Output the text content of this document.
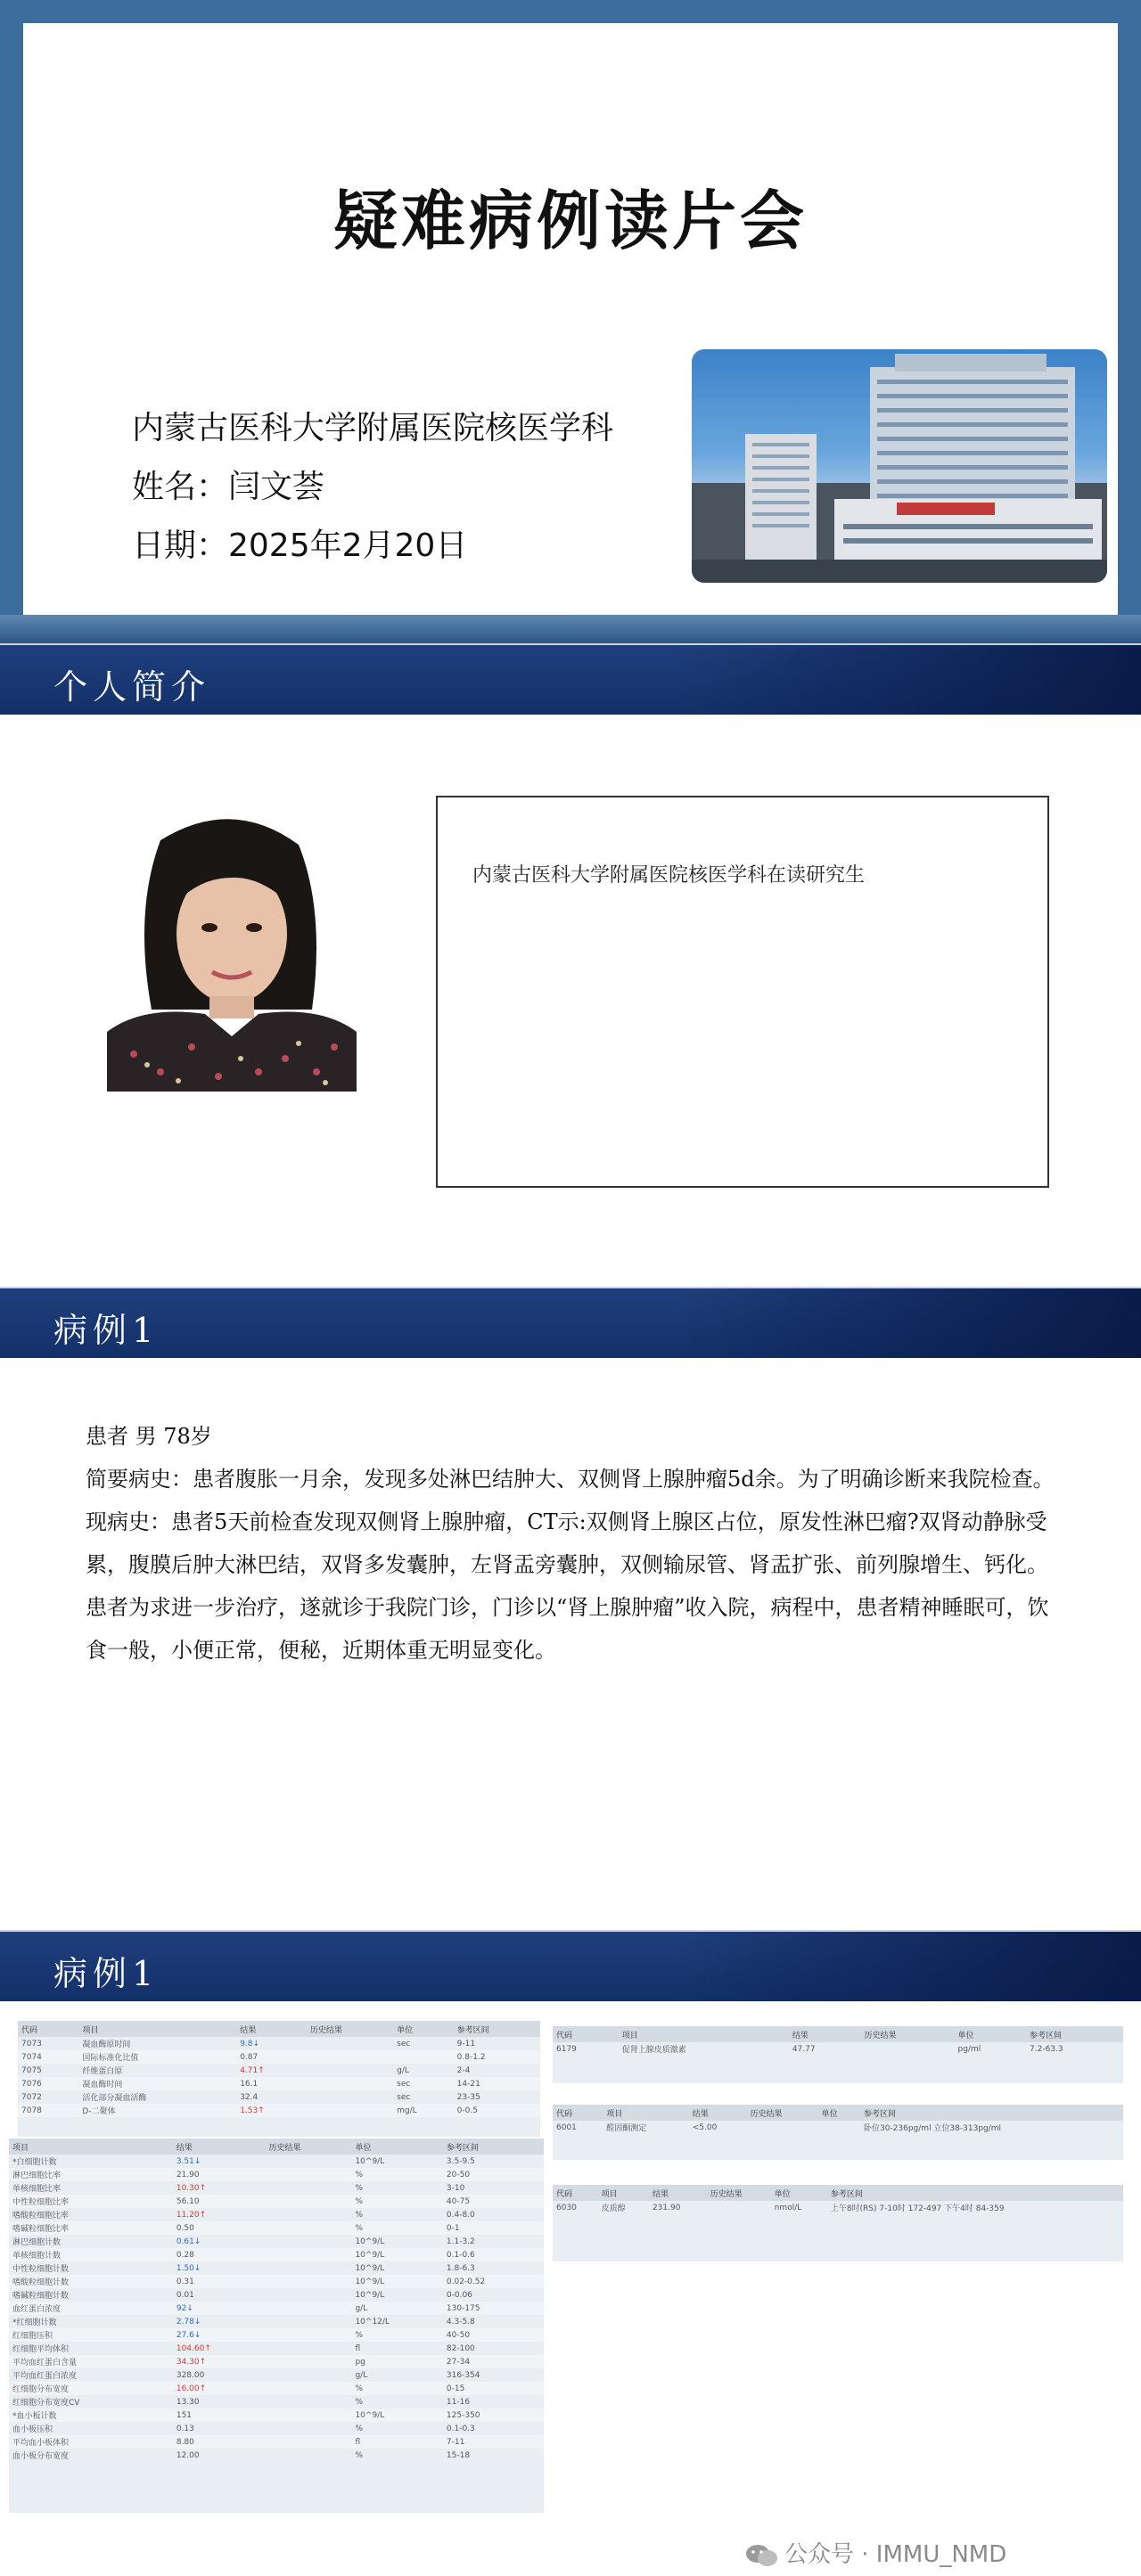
疑难病例读片会
内蒙古医科大学附属医院核医学科
姓名：闫文荟
日期：2025年2月20日
个人简介
内蒙古医科大学附属医院核医学科在读研究生
病例1

患者 男 78岁

简要病史：患者腹胀一月余，发现多处淋巴结肿大、双侧肾上腺肿瘤5d余。为了明确诊断来我院检查。

现病史：患者5天前检查发现双侧肾上腺肿瘤，CT示:双侧肾上腺区占位，原发性淋巴瘤?双肾动静脉受累，腹膜后肿大淋巴结，双肾多发囊肿，左肾盂旁囊肿，双侧输尿管、肾盂扩张、前列腺增生、钙化。患者为求进一步治疗，遂就诊于我院门诊，门诊以“肾上腺肿瘤”收入院，病程中，患者精神睡眠可，饮食一般，小便正常，便秘，近期体重无明显变化。

病例1
代码	项目	结果	历史结果	单位	参考区间
7073	凝血酶原时间	9.8↓		sec	9-11
7074	国际标准化比值	0.87			0.8-1.2
7075	纤维蛋白原	4.71↑		g/L	2-4
7076	凝血酶时间	16.1		sec	14-21
7072	活化部分凝血活酶	32.4		sec	23-35
7078	D-二聚体	1.53↑		mg/L	0-0.5
项目	结果	历史结果	单位	参考区间
*白细胞计数	3.51↓		10^9/L	3.5-9.5
淋巴细胞比率	21.90		%	20-50
单核细胞比率	10.30↑		%	3-10
中性粒细胞比率	56.10		%	40-75
嗜酸粒细胞比率	11.20↑		%	0.4-8.0
嗜碱粒细胞比率	0.50		%	0-1
淋巴细胞计数	0.61↓		10^9/L	1.1-3.2
单核细胞计数	0.28		10^9/L	0.1-0.6
中性粒细胞计数	1.50↓		10^9/L	1.8-6.3
嗜酸粒细胞计数	0.31		10^9/L	0.02-0.52
嗜碱粒细胞计数	0.01		10^9/L	0-0.06
血红蛋白浓度	92↓		g/L	130-175
*红细胞计数	2.78↓		10^12/L	4.3-5.8
红细胞压积	27.6↓		%	40-50
红细胞平均体积	104.60↑		fl	82-100
平均血红蛋白含量	34.30↑		pg	27-34
平均血红蛋白浓度	328.00		g/L	316-354
红细胞分布宽度	16.00↑		%	0-15
红细胞分布宽度CV	13.30		%	11-16
*血小板计数	151		10^9/L	125-350
血小板压积	0.13		%	0.1-0.3
平均血小板体积	8.80		fl	7-11
血小板分布宽度	12.00		%	15-18
代码	项目	结果	历史结果	单位	参考区间
6179	促肾上腺皮质激素	47.77		pg/ml	7.2-63.3
代码	项目	结果	历史结果	单位	参考区间
6001	醛固酮测定	<5.00			卧位30-236pg/ml 立位38-313pg/ml
代码	项目	结果	历史结果	单位	参考区间
6030	皮质醇	231.90		nmol/L	上午8时(RS) 7-10时 172-497 下午4时 84-359
公众号 · IMMU_NMD
